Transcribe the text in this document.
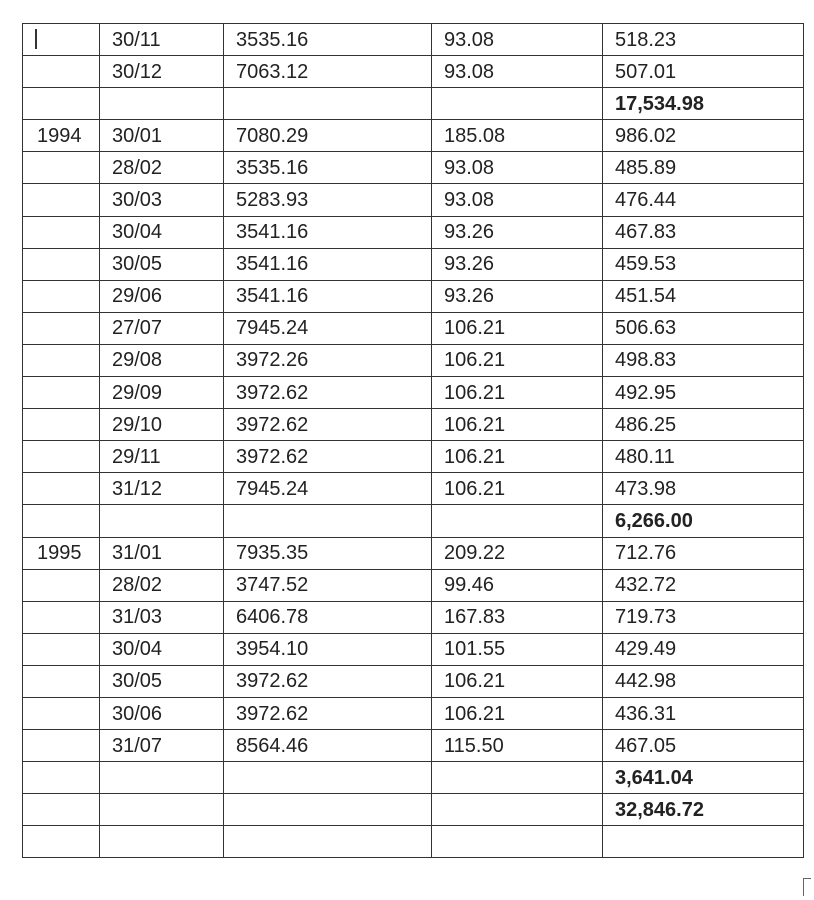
	30/11	3535.16	93.08	518.23
	30/12	7063.12	93.08	507.01
				17,534.98
1994	30/01	7080.29	185.08	986.02
	28/02	3535.16	93.08	485.89
	30/03	5283.93	93.08	476.44
	30/04	3541.16	93.26	467.83
	30/05	3541.16	93.26	459.53
	29/06	3541.16	93.26	451.54
	27/07	7945.24	106.21	506.63
	29/08	3972.26	106.21	498.83
	29/09	3972.62	106.21	492.95
	29/10	3972.62	106.21	486.25
	29/11	3972.62	106.21	480.11
	31/12	7945.24	106.21	473.98
				6,266.00
1995	31/01	7935.35	209.22	712.76
	28/02	3747.52	99.46	432.72
	31/03	6406.78	167.83	719.73
	30/04	3954.10	101.55	429.49
	30/05	3972.62	106.21	442.98
	30/06	3972.62	106.21	436.31
	31/07	8564.46	115.50	467.05
				3,641.04
				32,846.72
